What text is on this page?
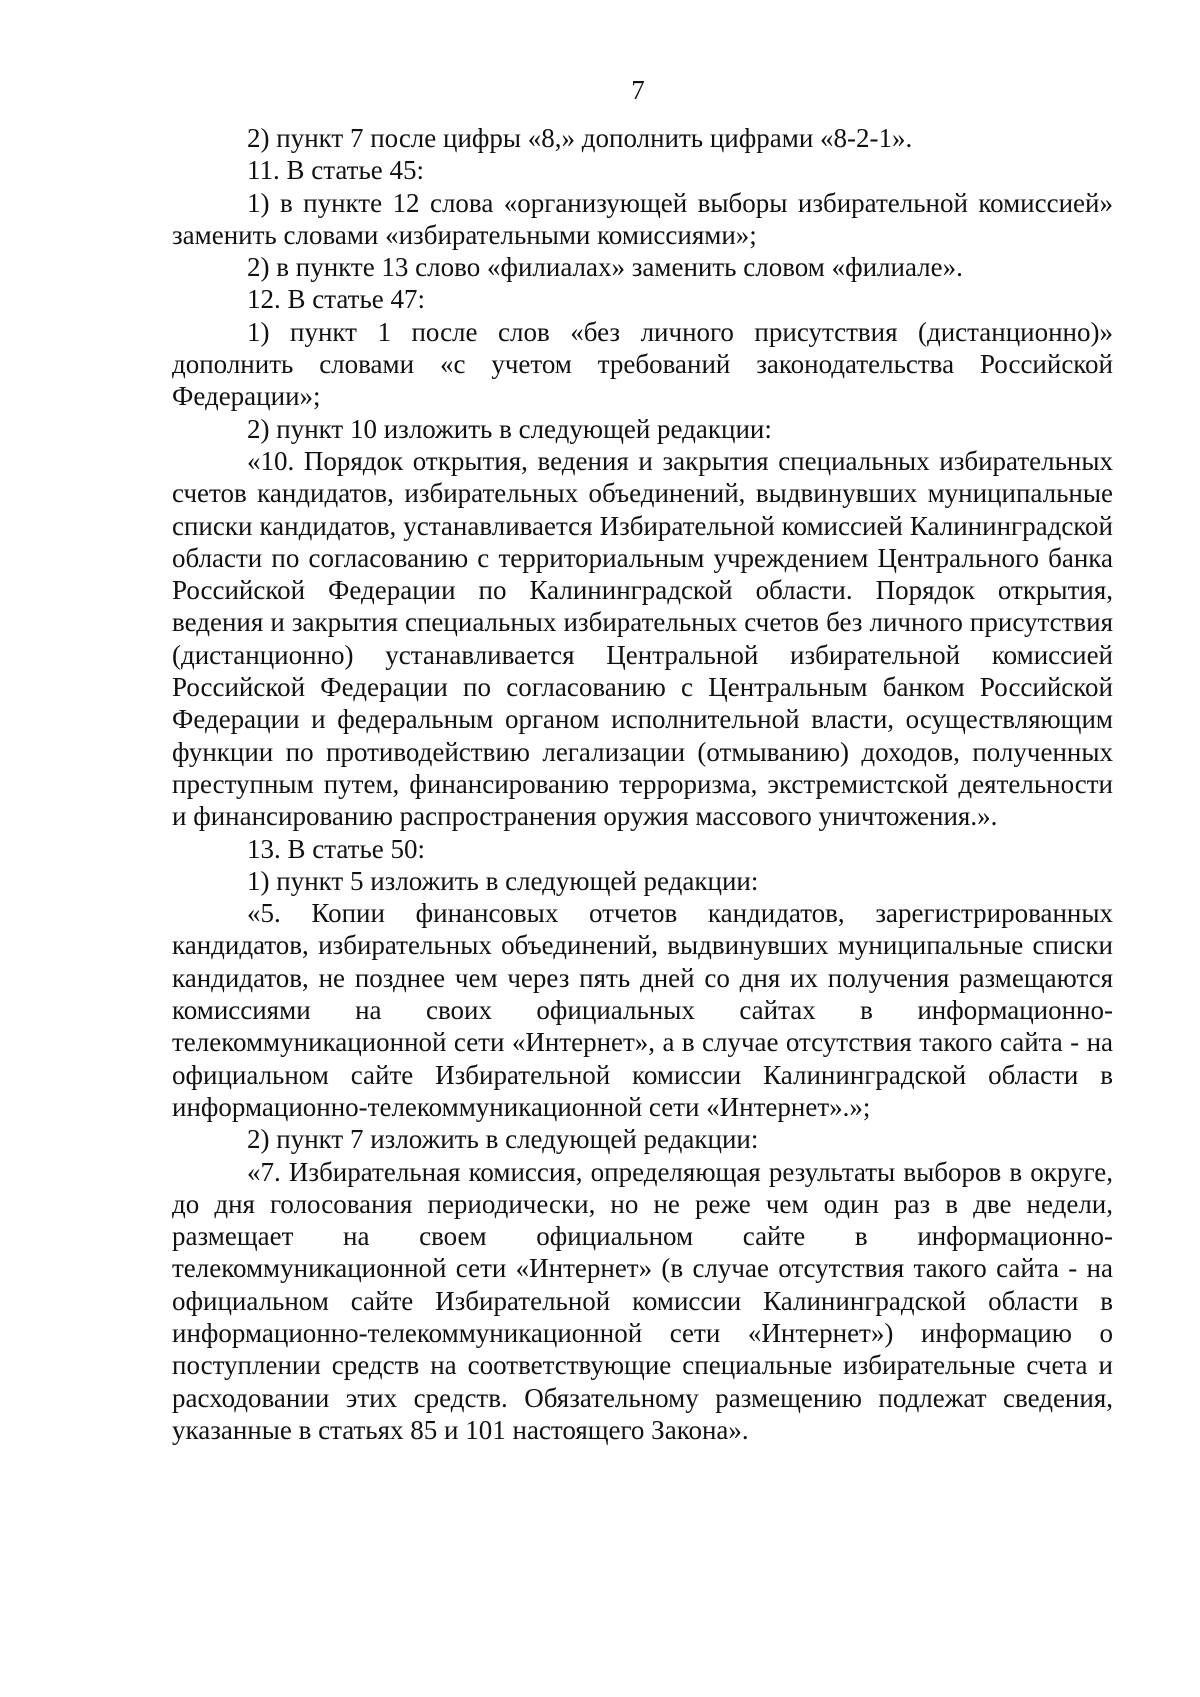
7

2) пункт 7 после цифры «8,» дополнить цифрами «8-2-1».

11. В статье 45:

1) в пункте 12 слова «организующей выборы избирательной комиссией» заменить словами «избирательными комиссиями»;

2) в пункте 13 слово «филиалах» заменить словом «филиале».

12. В статье 47:

1) пункт 1 после слов «без личного присутствия (дистанционно)» дополнить словами «с учетом требований законодательства Российской Федерации»;

2) пункт 10 изложить в следующей редакции:

«10. Порядок открытия, ведения и закрытия специальных избирательных счетов кандидатов, избирательных объединений, выдвинувших муниципальные списки кандидатов, устанавливается Избирательной комиссией Калининградской области по согласованию с территориальным учреждением Центрального банка Российской Федерации по Калининградской области. Порядок открытия, ведения и закрытия специальных избирательных счетов без личного присутствия (дистанционно) устанавливается Центральной избирательной комиссией Российской Федерации по согласованию с Центральным банком Российской Федерации и федеральным органом исполнительной власти, осуществляющим функции по противодействию легализации (отмыванию) доходов, полученных преступным путем, финансированию терроризма, экстремистской деятельности и финансированию распространения оружия массового уничтожения.».

13. В статье 50:

1) пункт 5 изложить в следующей редакции:

«5. Копии финансовых отчетов кандидатов, зарегистрированных кандидатов, избирательных объединений, выдвинувших муниципальные списки кандидатов, не позднее чем через пять дней со дня их получения размещаются комиссиями на своих официальных сайтах в информационно-телекоммуникационной сети «Интернет», а в случае отсутствия такого сайта - на официальном сайте Избирательной комиссии Калининградской области в информационно-телекоммуникационной сети «Интернет».»;

2) пункт 7 изложить в следующей редакции:

«7. Избирательная комиссия, определяющая результаты выборов в округе, до дня голосования периодически, но не реже чем один раз в две недели, размещает на своем официальном сайте в информационно-телекоммуникационной сети «Интернет» (в случае отсутствия такого сайта - на официальном сайте Избирательной комиссии Калининградской области в информационно-телекоммуникационной сети «Интернет») информацию о поступлении средств на соответствующие специальные избирательные счета и расходовании этих средств. Обязательному размещению подлежат сведения, указанные в статьях 85 и 101 настоящего Закона».
